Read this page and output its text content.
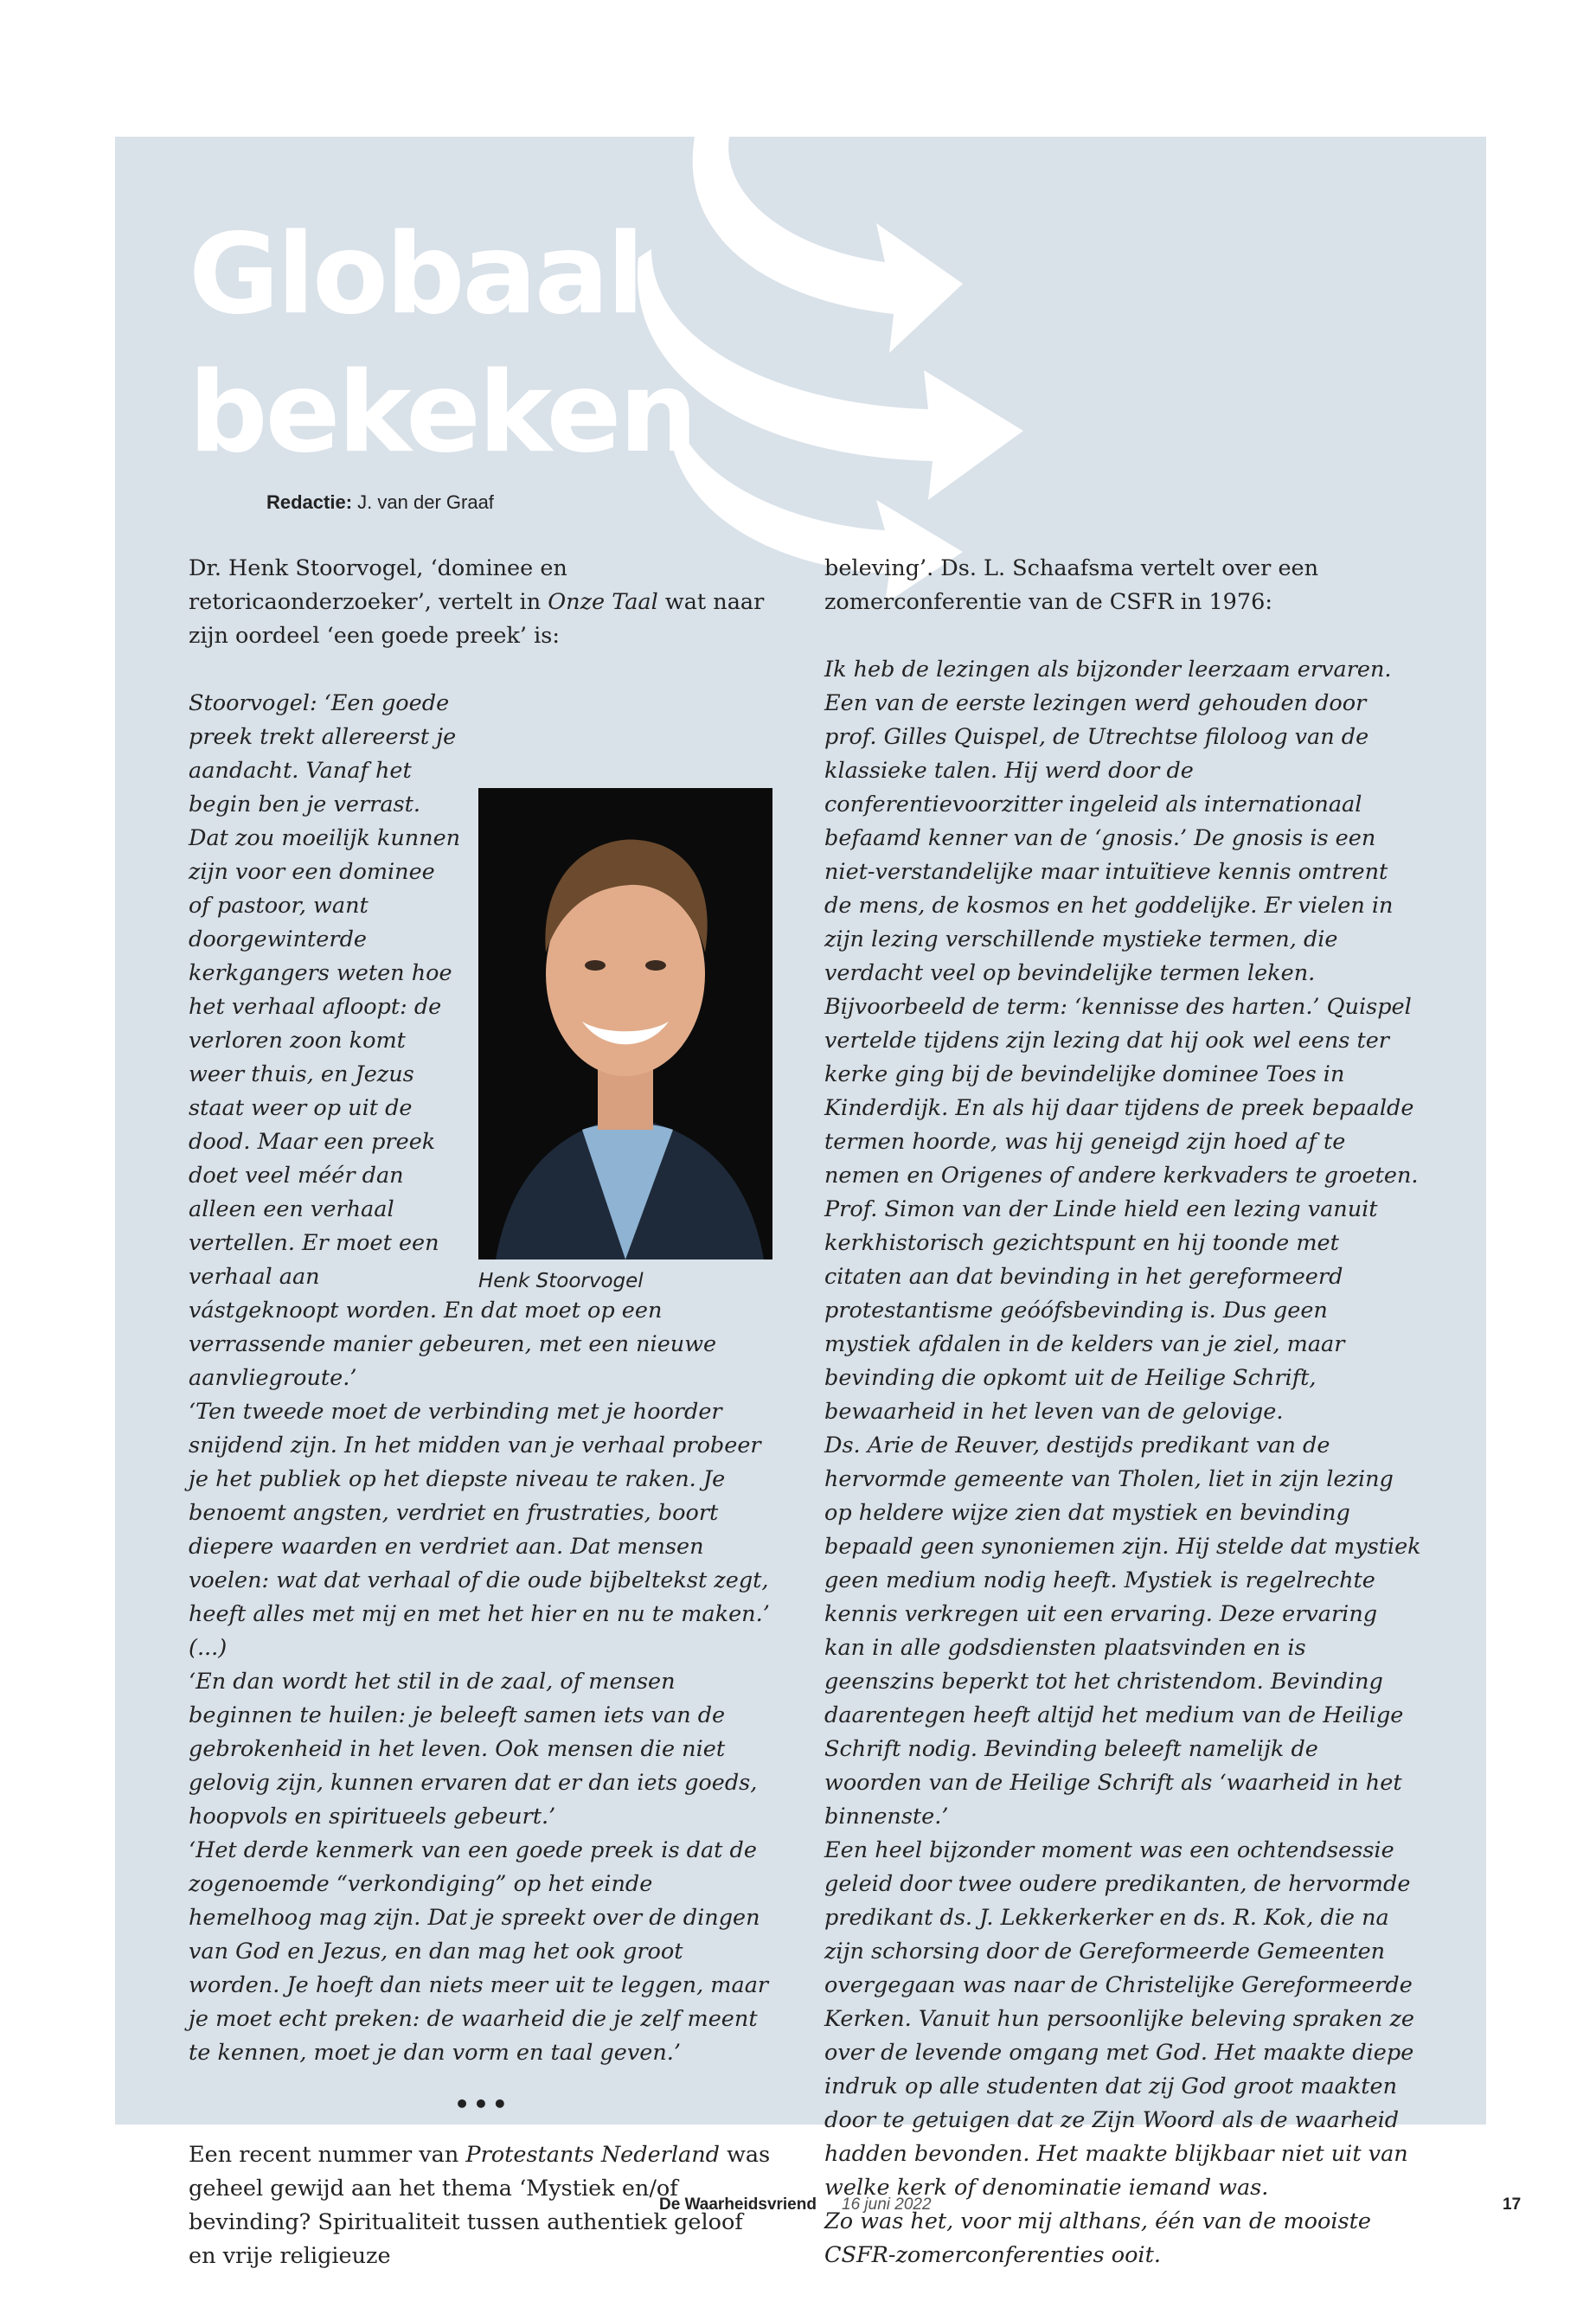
Globaal
bekeken
Redactie: J. van der Graaf

Dr. Henk Stoorvogel, ‘dominee en retoricaonderzoeker’, vertelt in Onze Taal wat naar zijn oordeel ‘een goede preek’ is:

Henk Stoorvogel

Stoorvogel: ‘Een goede preek trekt allereerst je aandacht. Vanaf het begin ben je verrast. Dat zou moeilijk kunnen zijn voor een dominee of pastoor, want doorgewinterde kerkgangers weten hoe het verhaal afloopt: de verloren zoon komt weer thuis, en Jezus staat weer op uit de dood. Maar een preek doet veel méér dan alleen een verhaal vertellen. Er moet een verhaal aan vástgeknoopt worden. En dat moet op een verrassende manier gebeuren, met een nieuwe aanvliegroute.’

‘Ten tweede moet de verbinding met je hoorder snijdend zijn. In het midden van je verhaal probeer je het publiek op het diepste niveau te raken. Je benoemt angsten, verdriet en frustraties, boort diepere waarden en verdriet aan. Dat mensen voelen: wat dat verhaal of die oude bijbeltekst zegt, heeft alles met mij en met het hier en nu te maken.’ (...)

‘En dan wordt het stil in de zaal, of mensen beginnen te huilen: je beleeft samen iets van de gebrokenheid in het leven. Ook mensen die niet gelovig zijn, kunnen ervaren dat er dan iets goeds, hoopvols en spiritueels gebeurt.’

‘Het derde kenmerk van een goede preek is dat de zogenoemde “verkondiging” op het einde hemelhoog mag zijn. Dat je spreekt over de dingen van God en Jezus, en dan mag het ook groot worden. Je hoeft dan niets meer uit te leggen, maar je moet echt preken: de waarheid die je zelf meent te kennen, moet je dan vorm en taal geven.’

•••

Een recent nummer van Protestants Nederland was geheel gewijd aan het thema ‘Mystiek en/of bevinding? Spiritualiteit tussen authentiek geloof en vrije religieuze

beleving’. Ds. L. Schaafsma vertelt over een zomerconferentie van de CSFR in 1976:

Ik heb de lezingen als bijzonder leerzaam ervaren. Een van de eerste lezingen werd gehouden door prof. Gilles Quispel, de Utrechtse filoloog van de klassieke talen. Hij werd door de conferentievoorzitter ingeleid als internationaal befaamd kenner van de ‘gnosis.’ De gnosis is een niet-verstandelijke maar intuïtieve kennis omtrent de mens, de kosmos en het goddelijke. Er vielen in zijn lezing verschillende mystieke termen, die verdacht veel op bevindelijke termen leken. Bijvoorbeeld de term: ‘kennisse des harten.’ Quispel vertelde tijdens zijn lezing dat hij ook wel eens ter kerke ging bij de bevindelijke dominee Toes in Kinderdijk. En als hij daar tijdens de preek bepaalde termen hoorde, was hij geneigd zijn hoed af te nemen en Origenes of andere kerkvaders te groeten.

Prof. Simon van der Linde hield een lezing vanuit kerkhistorisch gezichtspunt en hij toonde met citaten aan dat bevinding in het gereformeerd protestantisme geóófsbevinding is. Dus geen mystiek afdalen in de kelders van je ziel, maar bevinding die opkomt uit de Heilige Schrift, bewaarheid in het leven van de gelovige.

Ds. Arie de Reuver, destijds predikant van de hervormde gemeente van Tholen, liet in zijn lezing op heldere wijze zien dat mystiek en bevinding bepaald geen synoniemen zijn. Hij stelde dat mystiek geen medium nodig heeft. Mystiek is regelrechte kennis verkregen uit een ervaring. Deze ervaring kan in alle godsdiensten plaatsvinden en is geenszins beperkt tot het christendom. Bevinding daarentegen heeft altijd het medium van de Heilige Schrift nodig. Bevinding beleeft namelijk de woorden van de Heilige Schrift als ‘waarheid in het binnenste.’

Een heel bijzonder moment was een ochtendsessie geleid door twee oudere predikanten, de hervormde predikant ds. J. Lekkerkerker en ds. R. Kok, die na zijn schorsing door de Gereformeerde Gemeenten overgegaan was naar de Christelijke Gereformeerde Kerken. Vanuit hun persoonlijke beleving spraken ze over de levende omgang met God. Het maakte diepe indruk op alle studenten dat zij God groot maakten door te getuigen dat ze Zijn Woord als de waarheid hadden bevonden. Het maakte blijkbaar niet uit van welke kerk of denominatie iemand was.

Zo was het, voor mij althans, één van de mooiste CSFR-zomerconferenties ooit.

De Waarheidsvriend 16 juni 2022	17
